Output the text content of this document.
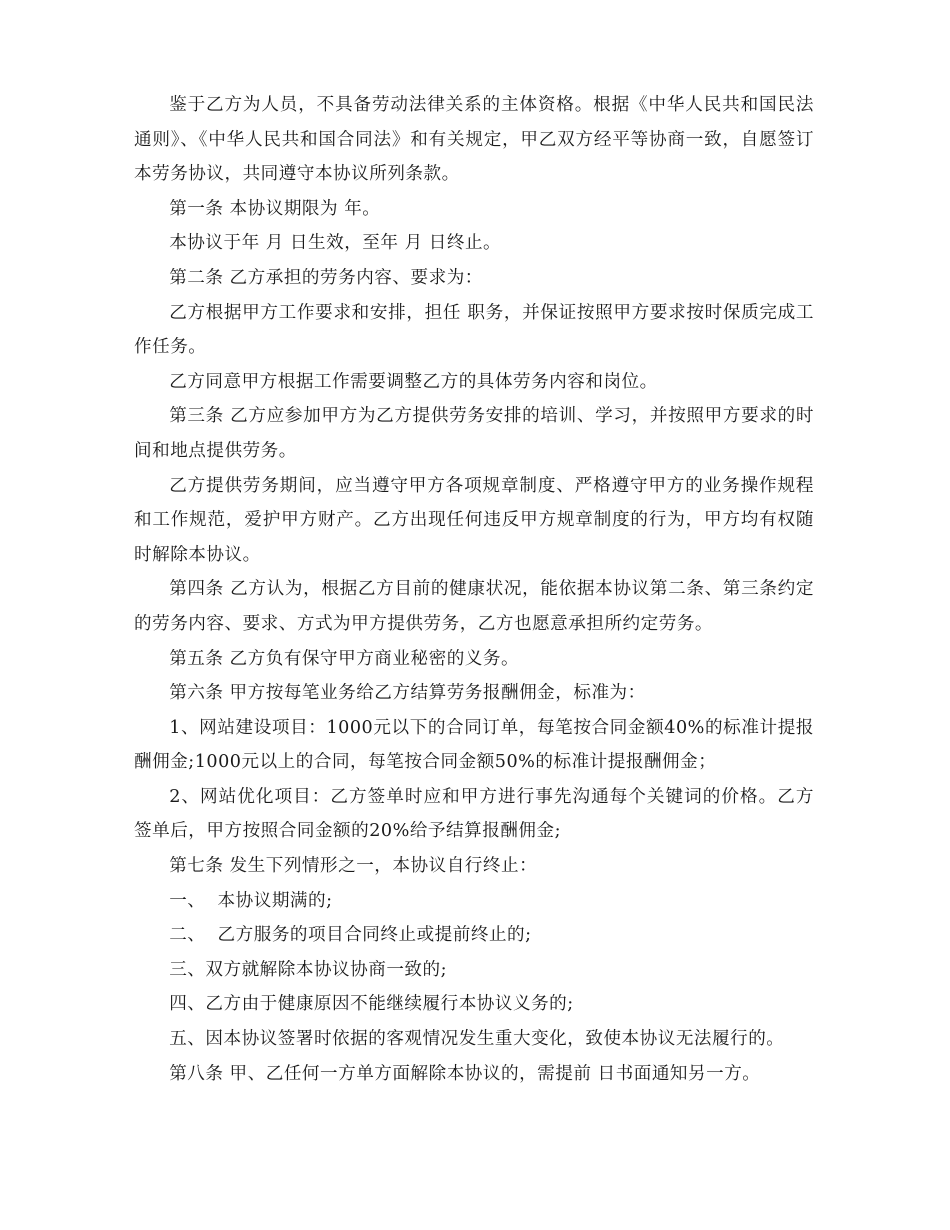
鉴于乙方为人员，不具备劳动法律关系的主体资格。根据《中华人民共和国民法通则》、《中华人民共和国合同法》和有关规定，甲乙双方经平等协商一致，自愿签订本劳务协议，共同遵守本协议所列条款。

第一条 本协议期限为 年。

本协议于年 月 日生效，至年 月 日终止。

第二条 乙方承担的劳务内容、要求为：

乙方根据甲方工作要求和安排，担任 职务，并保证按照甲方要求按时保质完成工作任务。

乙方同意甲方根据工作需要调整乙方的具体劳务内容和岗位。

第三条 乙方应参加甲方为乙方提供劳务安排的培训、学习，并按照甲方要求的时间和地点提供劳务。

乙方提供劳务期间，应当遵守甲方各项规章制度、严格遵守甲方的业务操作规程和工作规范，爱护甲方财产。乙方出现任何违反甲方规章制度的行为，甲方均有权随时解除本协议。

第四条 乙方认为，根据乙方目前的健康状况，能依据本协议第二条、第三条约定的劳务内容、要求、方式为甲方提供劳务，乙方也愿意承担所约定劳务。

第五条 乙方负有保守甲方商业秘密的义务。

第六条 甲方按每笔业务给乙方结算劳务报酬佣金，标准为：

1、网站建设项目：1000元以下的合同订单，每笔按合同金额40%的标准计提报酬佣金;1000元以上的合同，每笔按合同金额50%的标准计提报酬佣金；

2、网站优化项目：乙方签单时应和甲方进行事先沟通每个关键词的价格。乙方签单后，甲方按照合同金额的20%给予结算报酬佣金;

第七条 发生下列情形之一，本协议自行终止：

一、  本协议期满的;

二、  乙方服务的项目合同终止或提前终止的;

三、双方就解除本协议协商一致的;

四、乙方由于健康原因不能继续履行本协议义务的;

五、因本协议签署时依据的客观情况发生重大变化，致使本协议无法履行的。

第八条 甲、乙任何一方单方面解除本协议的，需提前 日书面通知另一方。
